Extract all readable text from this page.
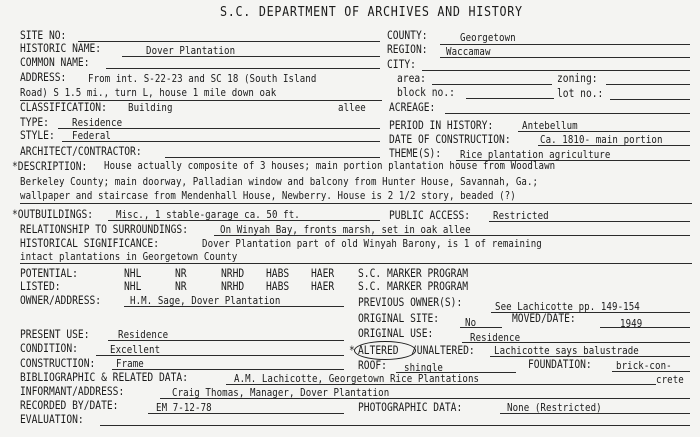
S.C. DEPARTMENT OF ARCHIVES AND HISTORY
SITE NO:	COUNTY:	Georgetown
HISTORIC NAME:	Dover Plantation	REGION: Waccamaw
COMMON NAME:	CITY:
ADDRESS: From int. S-22-23 and SC 18 (South Island
Road) S 1.5 mi., turn L, house 1 mile down oak
allee
area:	zoning:
block no.:	lot no.:
CLASSIFICATION: Building	ACREAGE:
TYPE: Residence	PERIOD IN HISTORY:	Antebellum
STYLE: Federal	DATE OF CONSTRUCTION:	Ca. 1810- main portion
ARCHITECT/CONTRACTOR:	THEME(S): Rice plantation agriculture
*DESCRIPTION: House actually composite of 3 houses; main portion plantation house from Woodlawn
Berkeley County; main doorway, Palladian window and balcony from Hunter House, Savannah, Ga.;
wallpaper and staircase from Mendenhall House, Newberry. House is 2 1/2 story, beaded (?)
*OUTBUILDINGS: Misc., 1 stable-garage ca. 50 ft.	PUBLIC ACCESS: Restricted
RELATIONSHIP TO SURROUNDINGS:	On Winyah Bay, fronts marsh, set in oak allee
HISTORICAL SIGNIFICANCE:	Dover Plantation part of old Winyah Barony, is 1 of remaining
intact plantations in Georgetown County
POTENTIAL:	NHL	NR	NRHD HABS HAER S.C. MARKER PROGRAM
LISTED:	NHL	NR	NRHD HABS HAER S.C. MARKER PROGRAM
OWNER/ADDRESS:	H.M. Sage, Dover Plantation	PREVIOUS OWNER(S):	See Lachicotte pp. 149-154
ORIGINAL SITE: No	MOVED/DATE:	1949
PRESENT USE:	Residence	ORIGINAL USE:	Residence
CONDITION:	Excellent	* ALTERED /UNALTERED: Lachicotte says balustrade
CONSTRUCTION: Frame	ROOF: shingle	FOUNDATION: brick-con-
crete
BIBLIOGRAPHIC & RELATED DATA:	A.M. Lachicotte, Georgetown Rice Plantations
INFORMANT/ADDRESS:	Craig Thomas, Manager, Dover Plantation
RECORDED BY/DATE:	EM 7-12-78	PHOTOGRAPHIC DATA:	None (Restricted)
EVALUATION:
